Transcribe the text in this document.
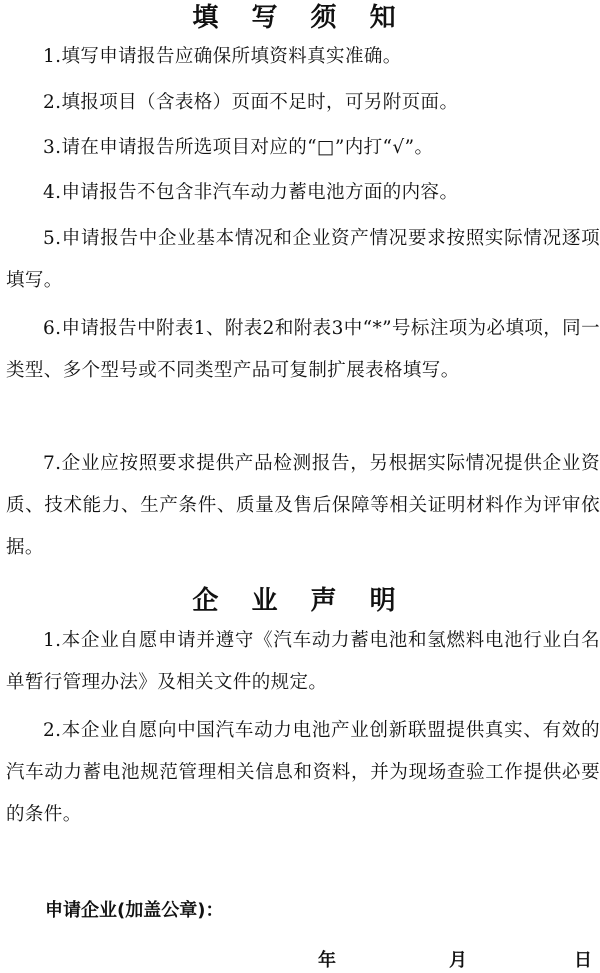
填 写 须 知
1.填写申请报告应确保所填资料真实准确。
2.填报项目（含表格）页面不足时，可另附页面。
3.请在申请报告所选项目对应的“□”内打“√”。
4.申请报告不包含非汽车动力蓄电池方面的内容。
5.申请报告中企业基本情况和企业资产情况要求按照实际情况逐项填写。
6.申请报告中附表1、附表2和附表3中“*”号标注项为必填项，同一类型、多个型号或不同类型产品可复制扩展表格填写。
7.企业应按照要求提供产品检测报告，另根据实际情况提供企业资质、技术能力、生产条件、质量及售后保障等相关证明材料作为评审依据。
企 业 声 明
1.本企业自愿申请并遵守《汽车动力蓄电池和氢燃料电池行业白名单暂行管理办法》及相关文件的规定。
2.本企业自愿向中国汽车动力电池产业创新联盟提供真实、有效的汽车动力蓄电池规范管理相关信息和资料，并为现场查验工作提供必要的条件。
申请企业(加盖公章)：
年	月	日
